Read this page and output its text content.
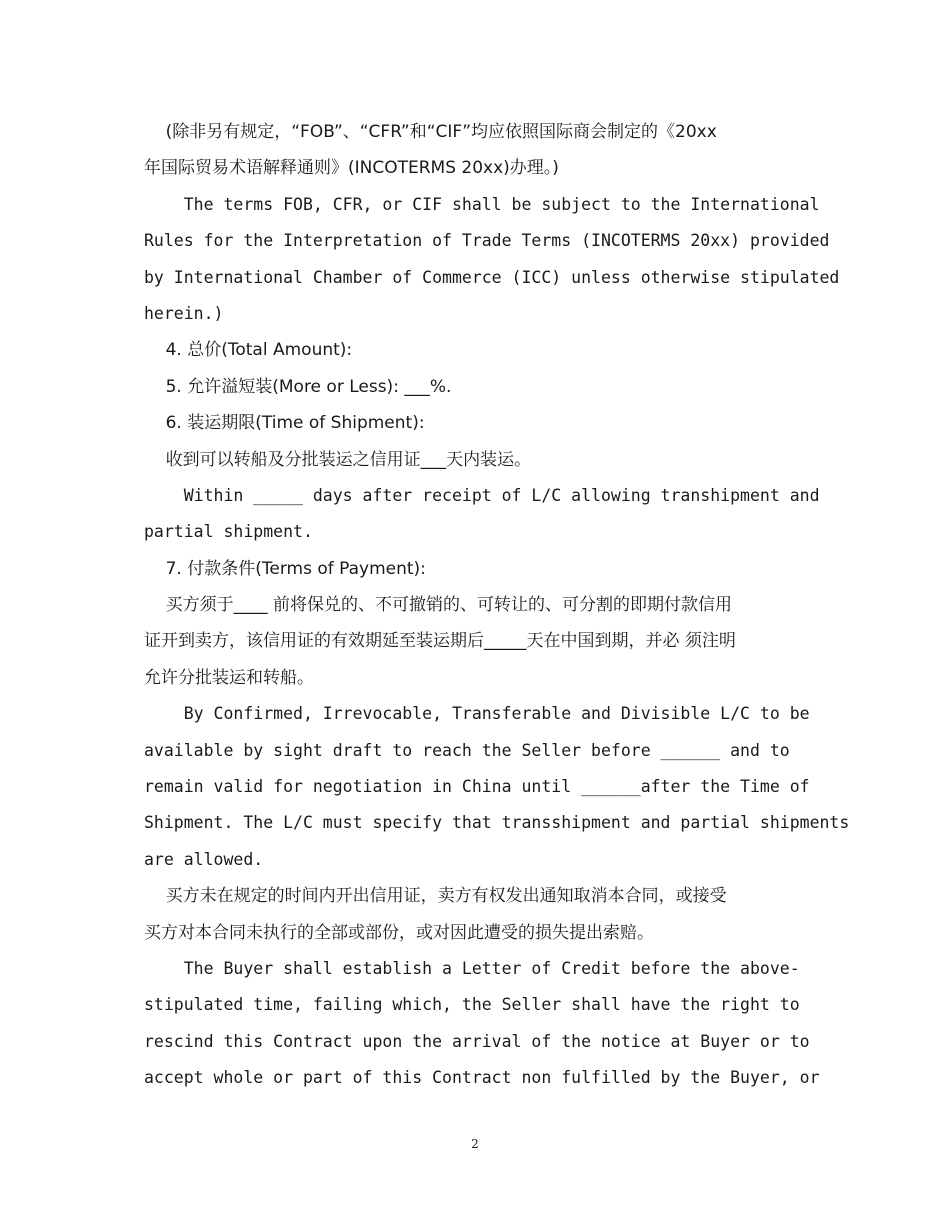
(除非另有规定，“FOB”、“CFR”和“CIF”均应依照国际商会制定的《20xx
年国际贸易术语解释通则》(INCOTERMS 20xx)办理。)
The terms FOB, CFR, or CIF shall be subject to the International
Rules for the Interpretation of Trade Terms (INCOTERMS 20xx) provided
by International Chamber of Commerce (ICC) unless otherwise stipulated
herein.)
4. 总价(Total Amount):
5. 允许溢短装(More or Less): ___%.
6. 装运期限(Time of Shipment):
收到可以转船及分批装运之信用证___天内装运。
Within _____ days after receipt of L/C allowing transhipment and
partial shipment.
7. 付款条件(Terms of Payment):
买方须于____ 前将保兑的、不可撤销的、可转让的、可分割的即期付款信用
证开到卖方，该信用证的有效期延至装运期后_____天在中国到期，并必 须注明
允许分批装运和转船。
By Confirmed, Irrevocable, Transferable and Divisible L/C to be
available by sight draft to reach the Seller before ______ and to
remain valid for negotiation in China until ______after the Time of
Shipment. The L/C must specify that transshipment and partial shipments
are allowed.
买方未在规定的时间内开出信用证，卖方有权发出通知取消本合同，或接受
买方对本合同未执行的全部或部份，或对因此遭受的损失提出索赔。
The Buyer shall establish a Letter of Credit before the above-
stipulated time, failing which, the Seller shall have the right to
rescind this Contract upon the arrival of the notice at Buyer or to
accept whole or part of this Contract non fulfilled by the Buyer, or
2
